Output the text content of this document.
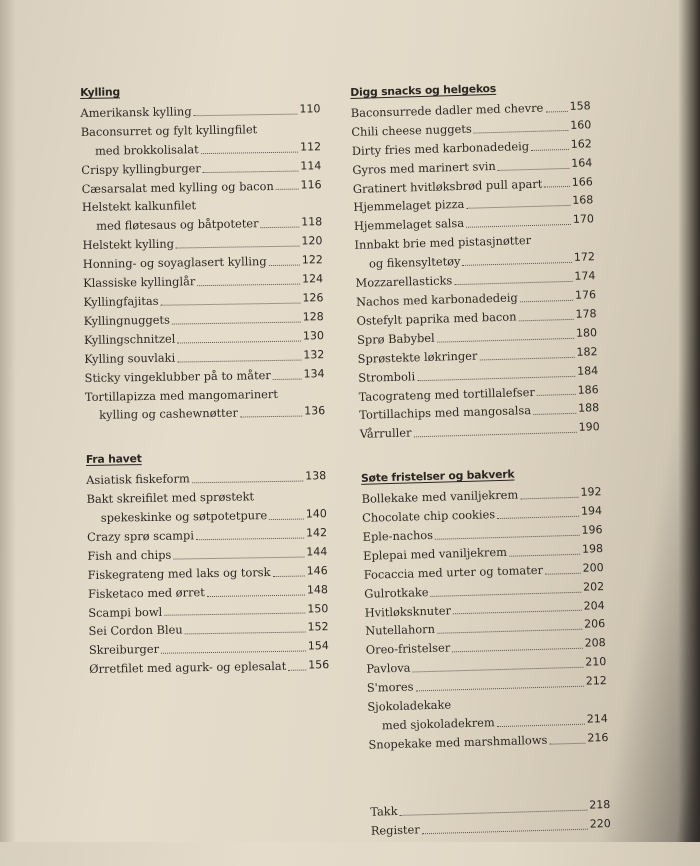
Kylling
Amerikansk kylling	110
Baconsurret og fylt kyllingfilet
med brokkolisalat	112
Crispy kyllingburger	114
Cæsarsalat med kylling og bacon 116
Helstekt kalkunfilet
med fløtesaus og båtpoteter	118
Helstekt kylling	120
Honning- og soyaglasert kylling	122
Klassiske kyllinglår	124
Kyllingfajitas	126
Kyllingnuggets	128
Kyllingschnitzel	130
Kylling souvlaki	132
Sticky vingeklubber på to måter	134
Tortillapizza med mangomarinert
kylling og cashewnøtter	136
Fra havet
Asiatisk fiskeform	138
Bakt skreifilet med sprøstekt
spekeskinke og søtpotetpure	140
Crazy sprø scampi	142
Fish and chips	144
Fiskegrateng med laks og torsk	146
Fisketaco med ørret	148
Scampi bowl	150
Sei Cordon Bleu	152
Skreiburger	154
Ørretfilet med agurk- og eplesalat 156
Digg snacks og helgekos
Baconsurrede dadler med chevre 158
Chili cheese nuggets	160
Dirty fries med karbonadedeig	162
Gyros med marinert svin	164
Gratinert hvitløksbrød pull apart	166
Hjemmelaget pizza	168
Hjemmelaget salsa	170
Innbakt brie med pistasjnøtter
og fikensyltetøy	172
Mozzarellasticks	174
Nachos med karbonadedeig	176
Ostefylt paprika med bacon	178
Sprø Babybel	180
Sprøstekte løkringer	182
Stromboli	184
Tacograteng med tortillalefser	186
Tortillachips med mangosalsa	188
Vårruller	190
Søte fristelser og bakverk
Bollekake med vaniljekrem	192
Chocolate chip cookies	194
Eple-nachos	196
Eplepai med vaniljekrem	198
Focaccia med urter og tomater	200
Gulrotkake	202
Hvitløksknuter	204
Nutellahorn	206
Oreo-fristelser	208
Pavlova	210
S'mores	212
Sjokoladekake
med sjokoladekrem	214
Snopekake med marshmallows	216
Takk	218
Register	220
